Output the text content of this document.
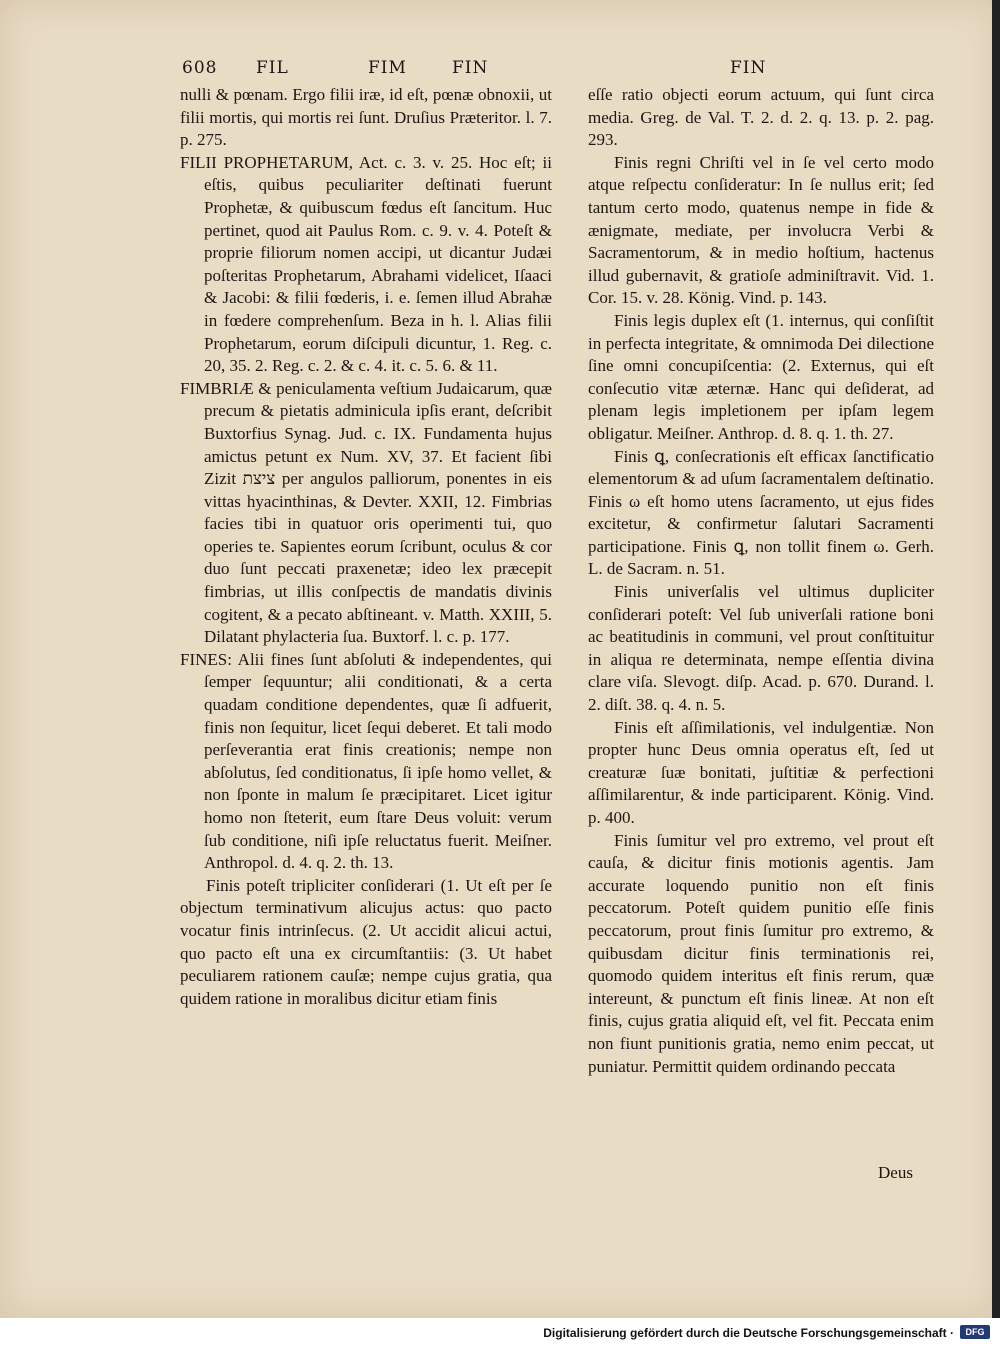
608 FIL	FIM	FIN	FIN

nulli & pœnam. Ergo filii iræ, id eſt, pœnæ obnoxii, ut filii mortis, qui mortis rei ſunt. Druſius Præteritor. l. 7. p. 275.

FILII PROPHETARUM, Act. c. 3. v. 25. Hoc eſt; ii eſtis, quibus peculiariter deſtinati fuerunt Prophetæ, & quibuscum fœdus eſt ſancitum. Huc pertinet, quod ait Paulus Rom. c. 9. v. 4. Poteſt & proprie filiorum nomen accipi, ut dicantur Judæi poſteritas Prophetarum, Abrahami videlicet, Iſaaci & Jacobi: & filii fœderis, i. e. ſemen illud Abrahæ in fœdere comprehenſum. Beza in h. l. Alias filii Prophetarum, eorum diſcipuli dicuntur, 1. Reg. c. 20, 35. 2. Reg. c. 2. & c. 4. it. c. 5. 6. & 11.

FIMBRIÆ & peniculamenta veſtium Judaicarum, quæ precum & pietatis adminicula ipſis erant, deſcribit Buxtorfius Synag. Jud. c. IX. Fundamenta hujus amictus petunt ex Num. XV, 37. Et facient ſibi Zizit ציצת per angulos palliorum, ponentes in eis vittas hyacinthinas, & Devter. XXII, 12. Fimbrias facies tibi in quatuor oris operimenti tui, quo operies te. Sapientes eorum ſcribunt, oculus & cor duo ſunt peccati praxenetæ; ideo lex præcepit fimbrias, ut illis conſpectis de mandatis divinis cogitent, & a pecato abſtineant. v. Matth. XXIII, 5. Dilatant phylacteria ſua. Buxtorf. l. c. p. 177.

FINES: Alii fines ſunt abſoluti & independentes, qui ſemper ſequuntur; alii conditionati, & a certa quadam conditione dependentes, quæ ſi adfuerit, finis non ſequitur, licet ſequi deberet. Et tali modo perſeverantia erat finis creationis; nempe non abſolutus, ſed conditionatus, ſi ipſe homo vellet, & non ſponte in malum ſe præcipitaret. Licet igitur homo non ſteterit, eum ſtare Deus voluit: verum ſub conditione, niſi ipſe reluctatus fuerit. Meiſner. Anthropol. d. 4. q. 2. th. 13.

Finis poteſt tripliciter conſiderari (1. Ut eſt per ſe objectum terminativum alicujus actus: quo pacto vocatur finis intrinſecus. (2. Ut accidit alicui actui, quo pacto eſt una ex circumſtantiis: (3. Ut habet peculiarem rationem cauſæ; nempe cujus gratia, qua quidem ratione in moralibus dicitur etiam finis

eſſe ratio objecti eorum actuum, qui ſunt circa media. Greg. de Val. T. 2. d. 2. q. 13. p. 2. pag. 293.

Finis regni Chriſti vel in ſe vel certo modo atque reſpectu conſideratur: In ſe nullus erit; ſed tantum certo modo, quatenus nempe in fide & ænigmate, mediate, per involucra Verbi & Sacramentorum, & in medio hoſtium, hactenus illud gubernavit, & gratioſe adminiſtravit. Vid. 1. Cor. 15. v. 28. König. Vind. p. 143.

Finis legis duplex eſt (1. internus, qui conſiſtit in perfecta integritate, & omnimoda Dei dilectione ſine omni concupiſcentia: (2. Externus, qui eſt conſecutio vitæ æternæ. Hanc qui deſiderat, ad plenam legis impletionem per ipſam legem obligatur. Meiſner. Anthrop. d. 8. q. 1. th. 27.

Finis ꝗ, conſecrationis eſt efficax ſanctificatio elementorum & ad uſum ſacramentalem deſtinatio. Finis ω eſt homo utens ſacramento, ut ejus fides excitetur, & confirmetur ſalutari Sacramenti participatione. Finis ꝗ, non tollit finem ω. Gerh. L. de Sacram. n. 51.

Finis univerſalis vel ultimus dupliciter conſiderari poteſt: Vel ſub univerſali ratione boni ac beatitudinis in communi, vel prout conſtituitur in aliqua re determinata, nempe eſſentia divina clare viſa. Slevogt. diſp. Acad. p. 670. Durand. l. 2. diſt. 38. q. 4. n. 5.

Finis eſt aſſimilationis, vel indulgentiæ. Non propter hunc Deus omnia operatus eſt, ſed ut creaturæ ſuæ bonitati, juſtitiæ & perfectioni aſſimilarentur, & inde participarent. König. Vind. p. 400.

Finis ſumitur vel pro extremo, vel prout eſt cauſa, & dicitur finis motionis agentis. Jam accurate loquendo punitio non eſt finis peccatorum. Poteſt quidem punitio eſſe finis peccatorum, prout finis ſumitur pro extremo, & quibusdam dicitur finis terminationis rei, quomodo quidem interitus eſt finis rerum, quæ intereunt, & punctum eſt finis lineæ. At non eſt finis, cujus gratia aliquid eſt, vel fit. Peccata enim non fiunt punitionis gratia, nemo enim peccat, ut puniatur. Permittit quidem ordinando peccata

Deus
Digitalisierung gefördert durch die Deutsche Forschungsgemeinschaft ·	DFG
